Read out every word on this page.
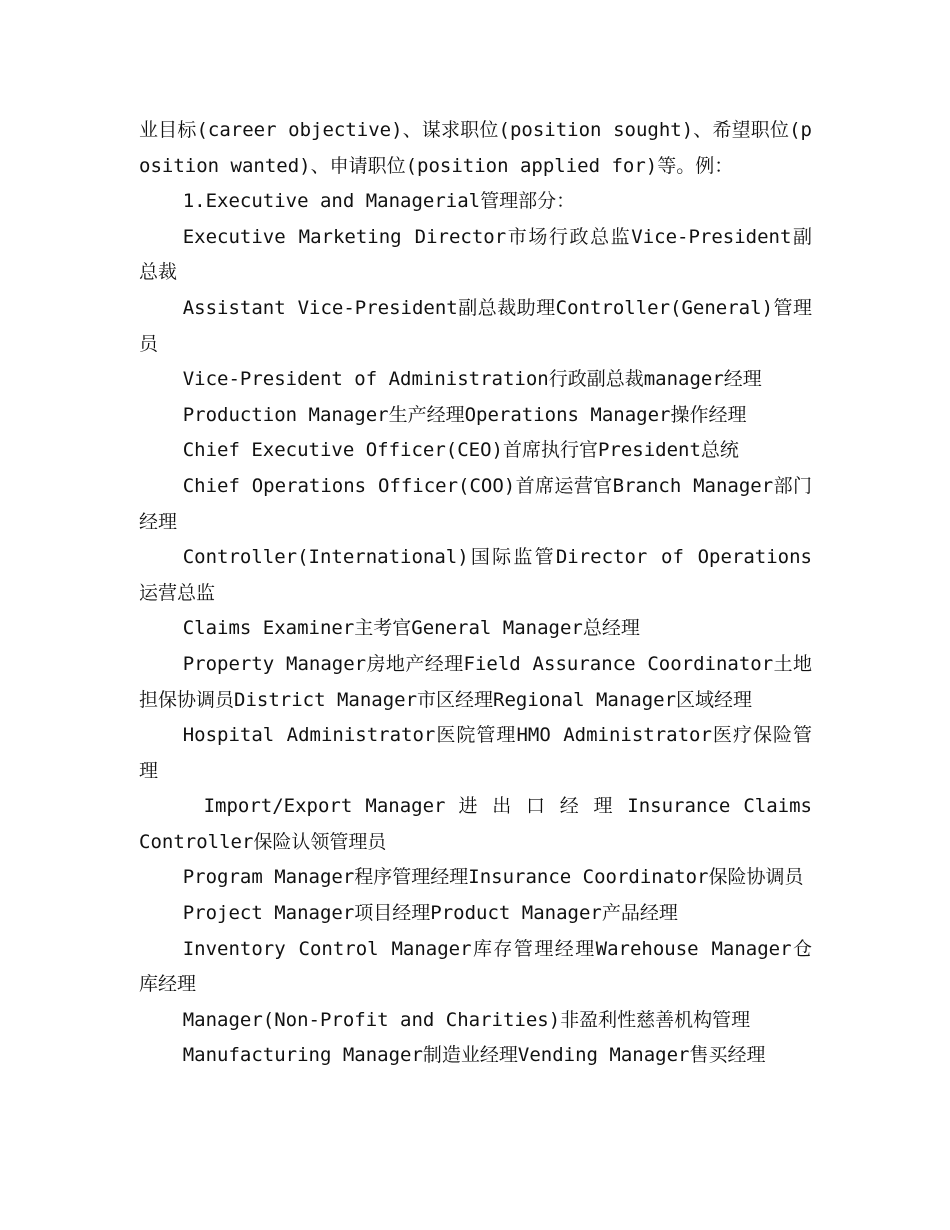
业目标(career objective)、谋求职位(position sought)、希望职位(position wanted)、申请职位(position applied for)等。例：

1.Executive and Managerial管理部分：

Executive Marketing Director市场行政总监Vice-President副总裁

Assistant Vice-President副总裁助理Controller(General)管理员

Vice-President of Administration行政副总裁manager经理

Production Manager生产经理Operations Manager操作经理

Chief Executive Officer(CEO)首席执行官President总统

Chief Operations Officer(COO)首席运营官Branch Manager部门经理

Controller(International)国际监管Director of Operations运营总监

Claims Examiner主考官General Manager总经理

Property Manager房地产经理Field Assurance Coordinator土地担保协调员District Manager市区经理Regional Manager区域经理

Hospital Administrator医院管理HMO Administrator医疗保险管理

Import/Export Manager 进 出 口 经 理 Insurance Claims Controller保险认领管理员

Program Manager程序管理经理Insurance Coordinator保险协调员

Project Manager项目经理Product Manager产品经理

Inventory Control Manager库存管理经理Warehouse Manager仓库经理

Manager(Non-Profit and Charities)非盈利性慈善机构管理

Manufacturing Manager制造业经理Vending Manager售买经理
